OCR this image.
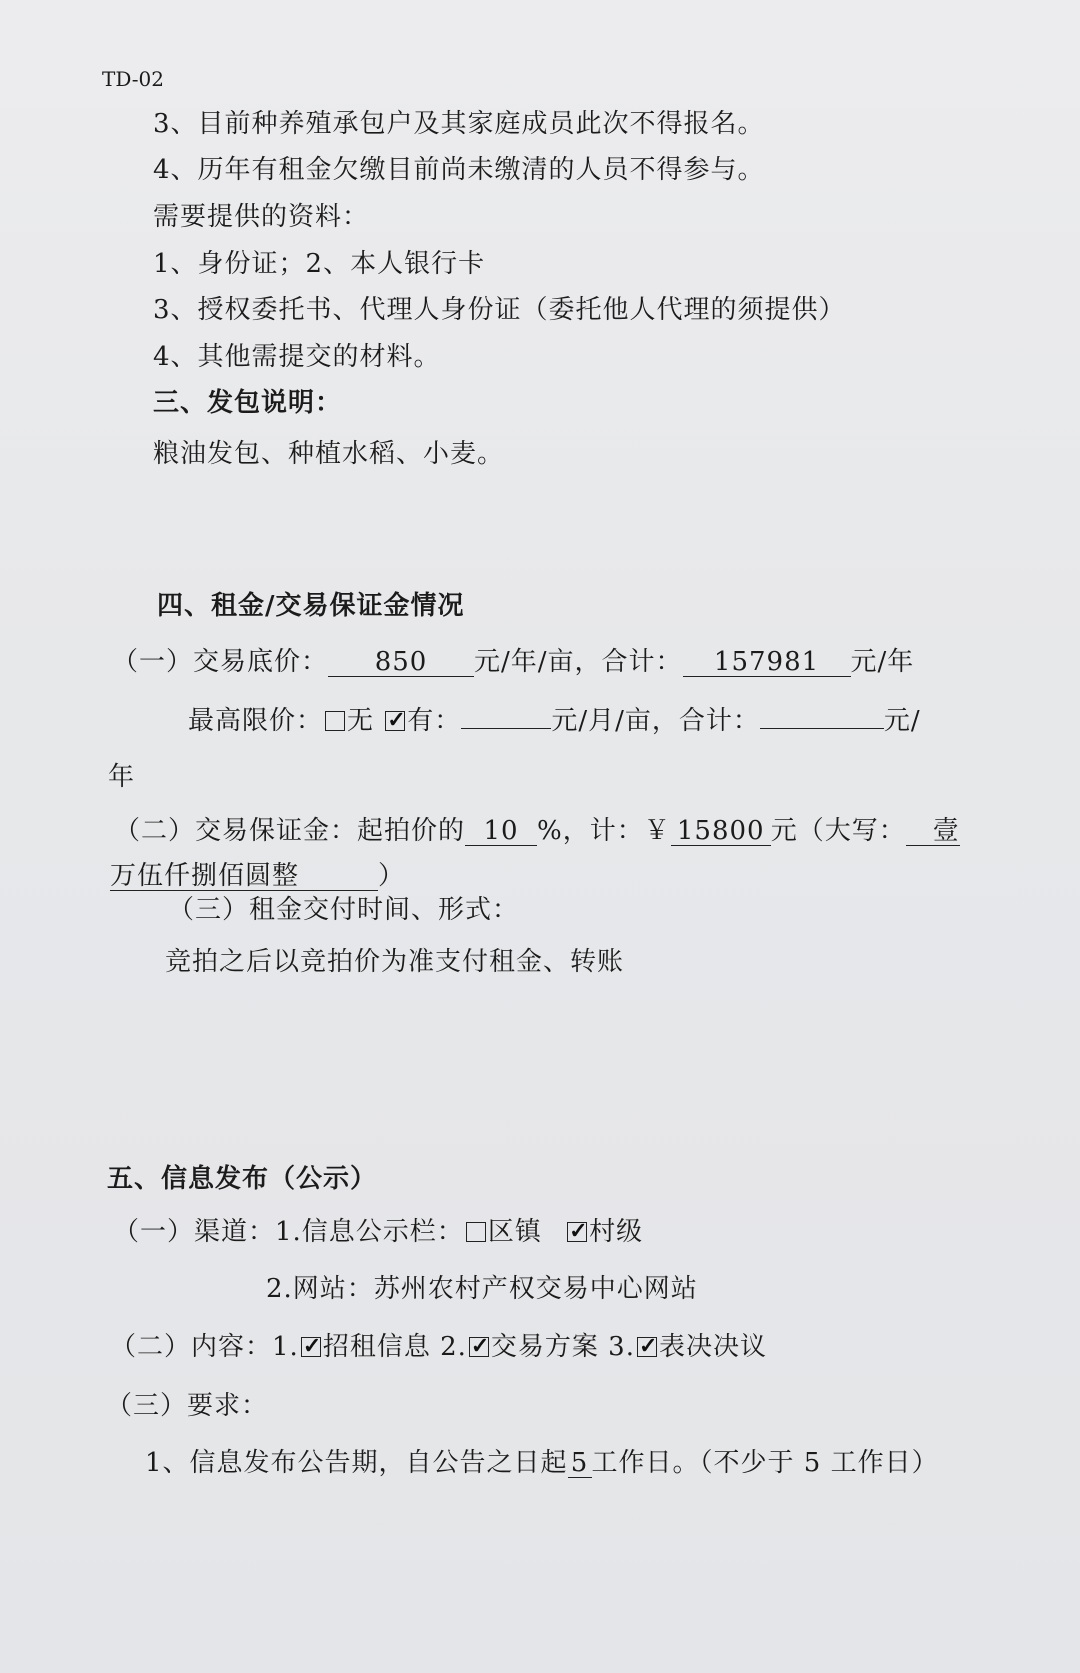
TD-02
3、目前种养殖承包户及其家庭成员此次不得报名。
4、历年有租金欠缴目前尚未缴清的人员不得参与。
需要提供的资料：
1、身份证；2、本人银行卡
3、授权委托书、代理人身份证（委托他人代理的须提供）
4、其他需提交的材料。
三、发包说明：
粮油发包、种植水稻、小麦。
四、租金/交易保证金情况
（一）交易底价： 850 元/年/亩，合计： 157981 元/年
最高限价： 无 ✓ 有：	元/月/亩，合计：	元/
年
（二）交易保证金：起拍价的 10 %，计：￥ 15800 元（大写： 壹
万伍仟捌佰圆整	）
（三）租金交付时间、形式：
竞拍之后以竞拍价为准支付租金、转账
五、信息发布（公示）
（一）渠道：1.信息公示栏： 区镇 ✓ 村级
2.网站：苏州农村产权交易中心网站
（二）内容：1. ✓ 招租信息 2. ✓ 交易方案 3. ✓ 表决决议
（三）要求：
1、信息发布公告期，自公告之日起 5 工作日。（不少于 5 工作日）
